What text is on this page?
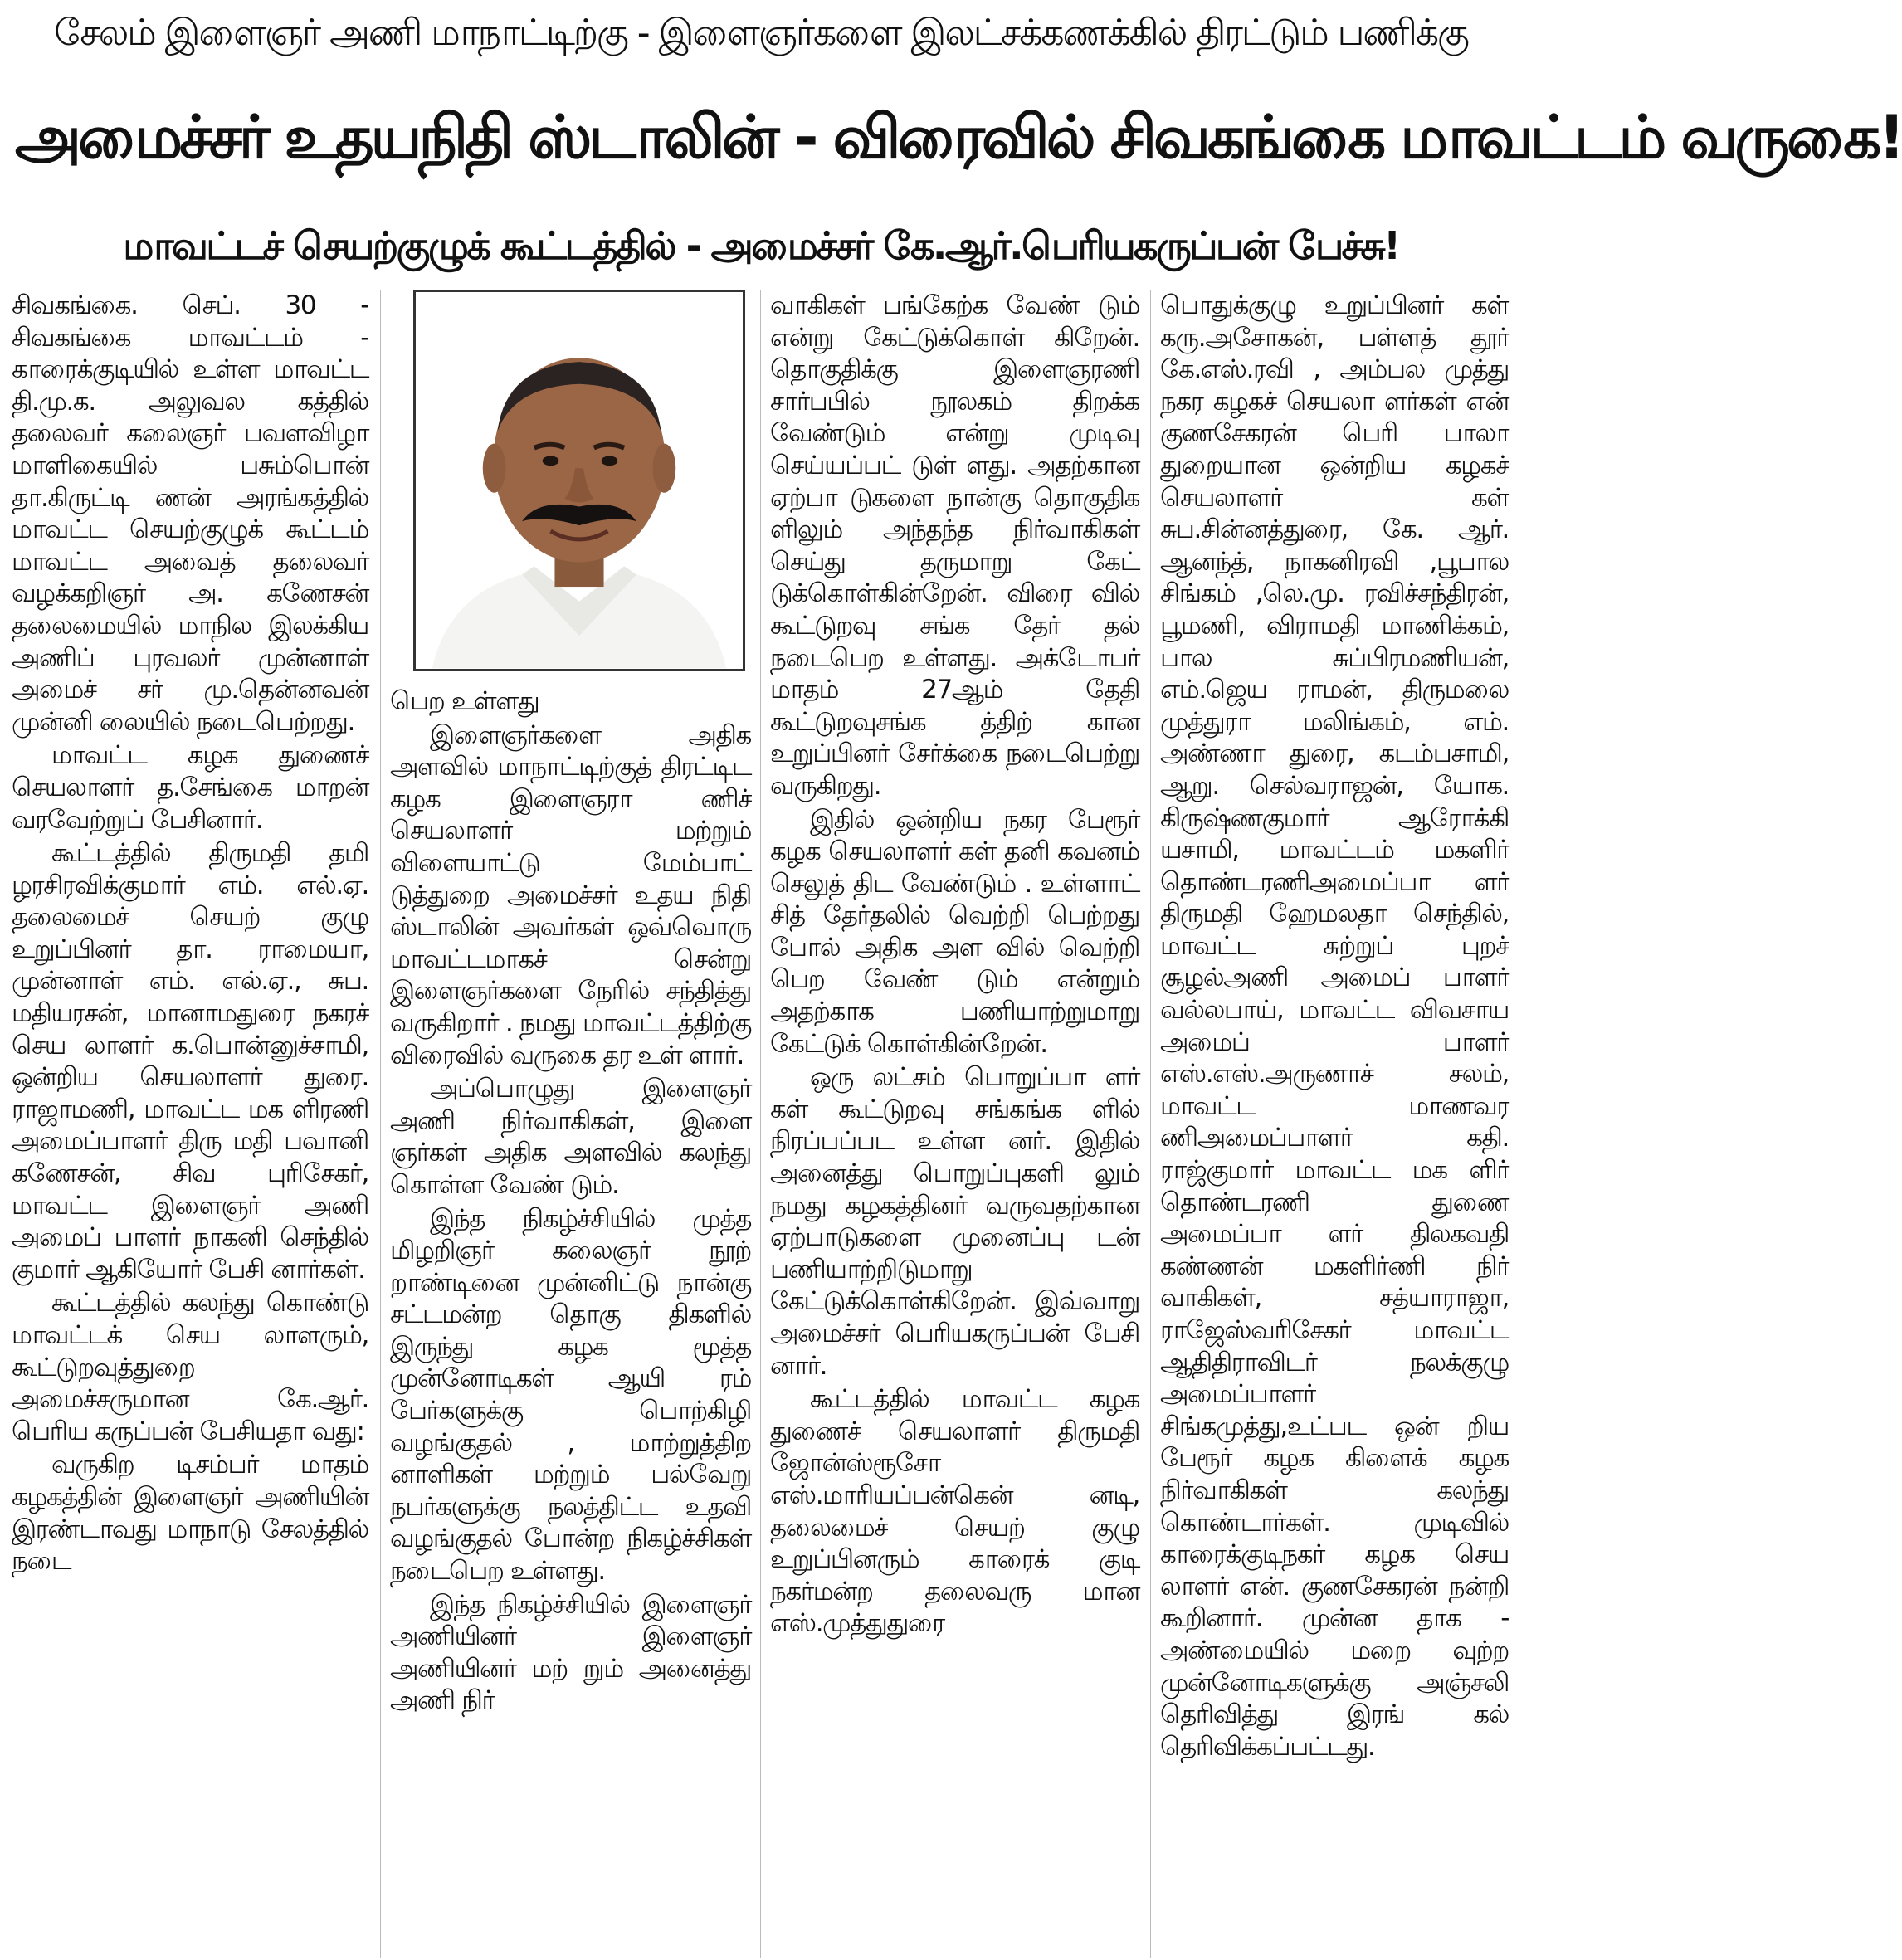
சேலம் இளைஞர் அணி மாநாட்டிற்கு - இளைஞர்களை இலட்சக்கணக்கில் திரட்டும் பணிக்கு
அமைச்சர் உதயநிதி ஸ்டாலின் - விரைவில் சிவகங்கை மாவட்டம் வருகை!
மாவட்டச் செயற்குழுக் கூட்டத்தில் - அமைச்சர் கே.ஆர்.பெரியகருப்பன் பேச்சு!

சிவகங்கை. செப். 30 - சிவகங்கை மாவட்டம் - காரைக்குடியில் உள்ள மாவட்ட தி.மு.க. அலுவல கத்தில் தலைவர் கலைஞர் பவளவிழா மாளிகையில் பசும்பொன் தா.கிருட்டி ணன் அரங்கத்தில் மாவட்ட செயற்குழுக் கூட்டம் மாவட்ட அவைத் தலைவர் வழக்கறிஞர் அ. கணேசன் தலைமையில் மாநில இலக்கிய அணிப் புரவலர் முன்னாள் அமைச் சர் மு.தென்னவன் முன்னி லையில் நடைபெற்றது.

மாவட்ட கழக துணைச் செயலாளர் த.சேங்கை மாறன் வரவேற்றுப் பேசினார்.

கூட்டத்தில் திருமதி தமி ழரசிரவிக்குமார் எம். எல்.ஏ. தலைமைச் செயற் குழு உறுப்பினர் தா. ராமையா, முன்னாள் எம். எல்.ஏ., சுப. மதியரசன், மானாமதுரை நகரச் செய லாளர் க.பொன்னுச்சாமி, ஒன்றிய செயலாளர் துரை. ராஜாமணி, மாவட்ட மக ளிரணி அமைப்பாளர் திரு மதி பவானி கணேசன், சிவ புரிசேகர், மாவட்ட இளைஞர் அணி அமைப் பாளர் நாகனி செந்தில் குமார் ஆகியோர் பேசி னார்கள்.

கூட்டத்தில் கலந்து கொண்டு மாவட்டக் செய லாளரும், கூட்டுறவுத்துறை அமைச்சருமான கே.ஆர். பெரிய கருப்பன் பேசியதா வது:

வருகிற டிசம்பர் மாதம் கழகத்தின் இளைஞர் அணியின் இரண்டாவது மாநாடு சேலத்தில் நடை

பெற உள்ளது

இளைஞர்களை அதிக அளவில் மாநாட்டிற்குத் திரட்டிட கழக இளைஞரா ணிச் செயலாளர் மற்றும் விளையாட்டு மேம்பாட் டுத்துறை அமைச்சர் உதய நிதி ஸ்டாலின் அவர்கள் ஒவ்வொரு மாவட்டமாகச் சென்று இளைஞர்களை நேரில் சந்தித்து வருகிறார் . நமது மாவட்டத்திற்கு விரைவில் வருகை தர உள் ளார்.

அப்பொழுது இளைஞர் அணி நிர்வாகிகள், இளை ஞர்கள் அதிக அளவில் கலந்து கொள்ள வேண் டும்.

இந்த நிகழ்ச்சியில் முத்த மிழறிஞர் கலைஞர் நூற் றாண்டினை முன்னிட்டு நான்கு சட்டமன்ற தொகு திகளில் இருந்து கழக மூத்த முன்னோடிகள் ஆயி ரம் பேர்களுக்கு பொற்கிழி வழங்குதல் , மாற்றுத்திற னாளிகள் மற்றும் பல்வேறு நபர்களுக்கு நலத்திட்ட உதவி வழங்குதல் போன்ற நிகழ்ச்சிகள் நடைபெற உள்ளது.

இந்த நிகழ்ச்சியில் இளைஞர் அணியினர் இளைஞர் அணியினர் மற் றும் அனைத்து அணி நிர்

வாகிகள் பங்கேற்க வேண் டும் என்று கேட்டுக்கொள் கிறேன். தொகுதிக்கு இளைஞரணி சார்பபில் நூலகம் திறக்க வேண்டும் என்று முடிவு செய்யப்பட் டுள் ளது. அதற்கான ஏற்பா டுகளை நான்கு தொகுதிக ளிலும் அந்தந்த நிர்வாகிகள் செய்து தருமாறு கேட் டுக்கொள்கின்றேன். விரை வில் கூட்டுறவு சங்க தேர் தல் நடைபெற உள்ளது. அக்டோபர் மாதம் 27ஆம் தேதி கூட்டுறவுசங்க த்திற் கான உறுப்பினர் சேர்க்கை நடைபெற்று வருகிறது.

இதில் ஒன்றிய நகர பேரூர் கழக செயலாளர் கள் தனி கவனம் செலுத் திட வேண்டும் . உள்ளாட் சித் தேர்தலில் வெற்றி பெற்றது போல் அதிக அள வில் வெற்றி பெற வேண் டும் என்றும் அதற்காக பணியாற்றுமாறு கேட்டுக் கொள்கின்றேன்.

ஒரு லட்சம் பொறுப்பா ளர் கள் கூட்டுறவு சங்கங்க ளில் நிரப்பப்பட உள்ள னர். இதில் அனைத்து பொறுப்புகளி லும் நமது கழகத்தினர் வருவதற்கான ஏற்பாடுகளை முனைப்பு டன் பணியாற்றிடுமாறு கேட்டுக்கொள்கிறேன். இவ்வாறு அமைச்சர் பெரியகருப்பன் பேசி னார்.

கூட்டத்தில் மாவட்ட கழக துணைச் செயலாளர் திருமதி ஜோன்ஸ்ரூசோ எஸ்.மாரியப்பன்கென் னடி, தலைமைச் செயற் குழு உறுப்பினரும் காரைக் குடி நகர்மன்ற தலைவரு மான எஸ்.முத்துதுரை

பொதுக்குழு உறுப்பினர் கள் கரு.அசோகன், பள்ளத் தூர் கே.எஸ்.ரவி , அம்பல முத்து நகர கழகச் செயலா ளர்கள் என் குணசேகரன் பெரி பாலா துறையான ஒன்றிய கழகச் செயலாளர் கள் சுப.சின்னத்துரை, கே. ஆர். ஆனந்த், நாகனிரவி ,பூபால சிங்கம் ,லெ.மு. ரவிச்சந்திரன், பூமணி, விராமதி மாணிக்கம், பால சுப்பிரமணியன், எம்.ஜெய ராமன், திருமலை முத்துரா மலிங்கம், எம். அண்ணா துரை, கடம்பசாமி, ஆறு. செல்வராஜன், யோக. கிருஷ்ணகுமார் ஆரோக்கி யசாமி, மாவட்டம் மகளிர் தொண்டரணிஅமைப்பா ளர் திருமதி ஹேமலதா செந்தில், மாவட்ட சுற்றுப் புறச் சூழல்அணி அமைப் பாளர் வல்லபாய், மாவட்ட விவசாய அமைப் பாளர் எஸ்.எஸ்.அருணாச் சலம், மாவட்ட மாணவர ணிஅமைப்பாளர் கதி. ராஜ்குமார் மாவட்ட மக ளிர் தொண்டரணி துணை அமைப்பா ளர் திலகவதி கண்ணன் மகளிர்ணி நிர் வாகிகள், சத்யாராஜா, ராஜேஸ்வரிசேகர் மாவட்ட ஆதிதிராவிடர் நலக்குழு அமைப்பாளர் சிங்கமுத்து,உட்பட ஒன் றிய பேரூர் கழக கிளைக் கழக நிர்வாகிகள் கலந்து கொண்டார்கள். முடிவில் காரைக்குடிநகர் கழக செய லாளர் என். குணசேகரன் நன்றி கூறினார். முன்ன தாக - அண்மையில் மறை வுற்ற முன்னோடிகளுக்கு அஞ்சலி தெரிவித்து இரங் கல் தெரிவிக்கப்பட்டது.
